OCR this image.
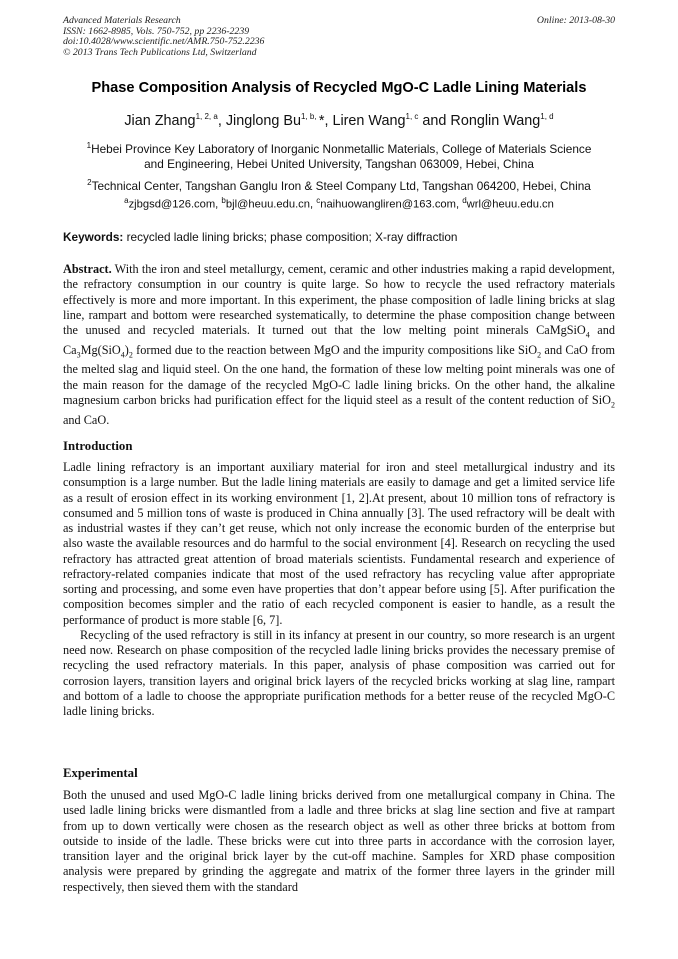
Advanced Materials Research
ISSN: 1662-8985, Vols. 750-752, pp 2236-2239
doi:10.4028/www.scientific.net/AMR.750-752.2236
© 2013 Trans Tech Publications Ltd, Switzerland
Online: 2013-08-30
Phase Composition Analysis of Recycled MgO-C Ladle Lining Materials
Jian Zhang$^{1, 2, a}$, Jinglong $Bu^{1, b,}$ *, Liren Wang$^{1, c}$ and Ronglin Wang$^{1, d}$
$^1$Hebei Province Key Laboratory of Inorganic Nonmetallic Materials, College of Materials Science
and Engineering, Hebei United University, Tangshan 063009, Hebei, China
$^2$Technical Center, Tangshan Ganglu Iron & Steel Company Ltd, Tangshan 064200, Hebei, China
$^a$zjbgsd@126.com, $^b$bjl@heuu.edu.cn, $^c$naihuowangliren@163.com, $^d$wrl@heuu.edu.cn
Keywords: recycled ladle lining bricks; phase composition; X-ray diffraction
Abstract. With the iron and steel metallurgy, cement, ceramic and other industries making a rapid development, the refractory consumption in our country is quite large. So how to recycle the used refractory materials effectively is more and more important. In this experiment, the phase composition of ladle lining bricks at slag line, rampart and bottom were researched systematically, to determine the phase composition change between the unused and recycled materials. It turned out that the low melting point minerals CaMgSiO$_4$ and $Ca_3Mg(SiO_4)_2$ formed due to the reaction between MgO and the impurity compositions like SiO$_2$ and CaO from the melted slag and liquid steel. On the one hand, the formation of these low melting point minerals was one of the main reason for the damage of the recycled MgO-C ladle lining bricks. On the other hand, the alkaline magnesium carbon bricks had purification effect for the liquid steel as a result of the content reduction of SiO$_2$ and CaO.
Introduction

Ladle lining refractory is an important auxiliary material for iron and steel metallurgical industry and its consumption is a large number. But the ladle lining materials are easily to damage and get a limited service life as a result of erosion effect in its working environment [1, 2].At present, about 10 million tons of refractory is consumed and 5 million tons of waste is produced in China annually [3]. The used refractory will be dealt with as industrial wastes if they can’t get reuse, which not only increase the economic burden of the enterprise but also waste the available resources and do harmful to the social environment [4]. Research on recycling the used refractory has attracted great attention of broad materials scientists. Fundamental research and experience of refractory-related companies indicate that most of the used refractory has recycling value after appropriate sorting and processing, and some even have properties that don’t appear before using [5]. After purification the composition becomes simpler and the ratio of each recycled component is easier to handle, as a result the performance of product is more stable [6, 7].

Recycling of the used refractory is still in its infancy at present in our country, so more research is an urgent need now. Research on phase composition of the recycled ladle lining bricks provides the necessary premise of recycling the used refractory materials. In this paper, analysis of phase composition was carried out for corrosion layers, transition layers and original brick layers of the recycled bricks working at slag line, rampart and bottom of a ladle to choose the appropriate purification methods for a better reuse of the recycled MgO-C ladle lining bricks.

Experimental

Both the unused and used MgO-C ladle lining bricks derived from one metallurgical company in China. The used ladle lining bricks were dismantled from a ladle and three bricks at slag line section and five at rampart from up to down vertically were chosen as the research object as well as other three bricks at bottom from outside to inside of the ladle. These bricks were cut into three parts in accordance with the corrosion layer, transition layer and the original brick layer by the cut-off machine. Samples for XRD phase composition analysis were prepared by grinding the aggregate and matrix of the former three layers in the grinder mill respectively, then sieved them with the standard
